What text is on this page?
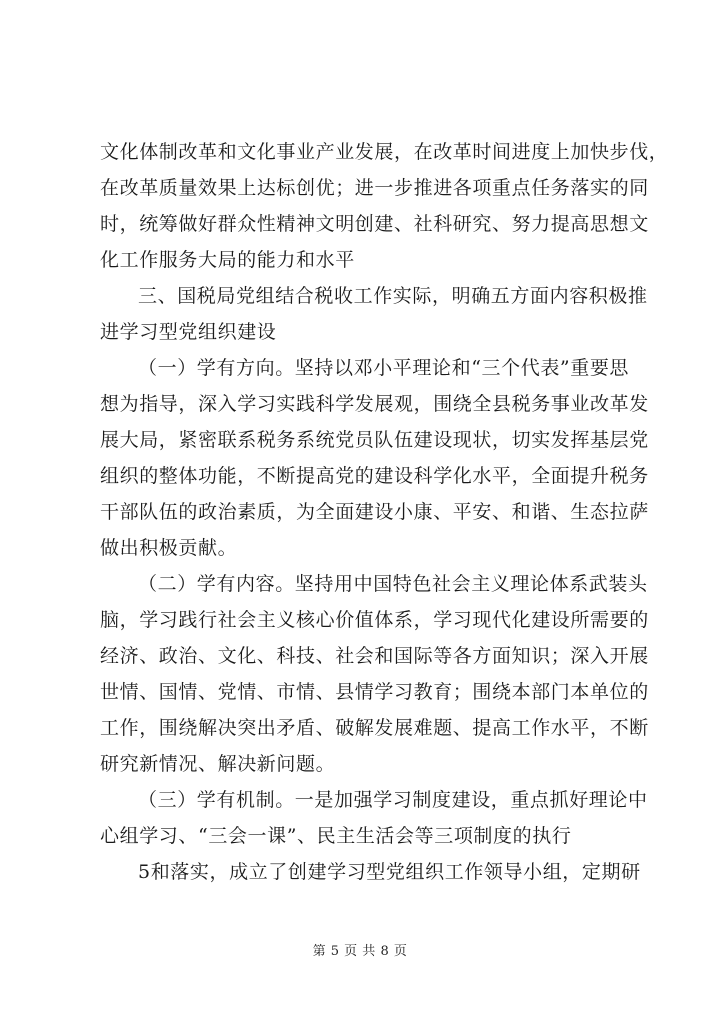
文化体制改革和文化事业产业发展，在改革时间进度上加快步伐，
在改革质量效果上达标创优；进一步推进各项重点任务落实的同
时，统筹做好群众性精神文明创建、社科研究、努力提高思想文
化工作服务大局的能力和水平
三、国税局党组结合税收工作实际，明确五方面内容积极推
进学习型党组织建设
（一）学有方向。坚持以邓小平理论和“三个代表”重要思
想为指导，深入学习实践科学发展观，围绕全县税务事业改革发
展大局，紧密联系税务系统党员队伍建设现状，切实发挥基层党
组织的整体功能，不断提高党的建设科学化水平，全面提升税务
干部队伍的政治素质，为全面建设小康、平安、和谐、生态拉萨
做出积极贡献。
（二）学有内容。坚持用中国特色社会主义理论体系武装头
脑，学习践行社会主义核心价值体系，学习现代化建设所需要的
经济、政治、文化、科技、社会和国际等各方面知识；深入开展
世情、国情、党情、市情、县情学习教育；围绕本部门本单位的
工作，围绕解决突出矛盾、破解发展难题、提高工作水平，不断
研究新情况、解决新问题。
（三）学有机制。一是加强学习制度建设，重点抓好理论中
心组学习、“三会一课”、民主生活会等三项制度的执行
5和落实，成立了创建学习型党组织工作领导小组，定期研
第 5 页 共 8 页
